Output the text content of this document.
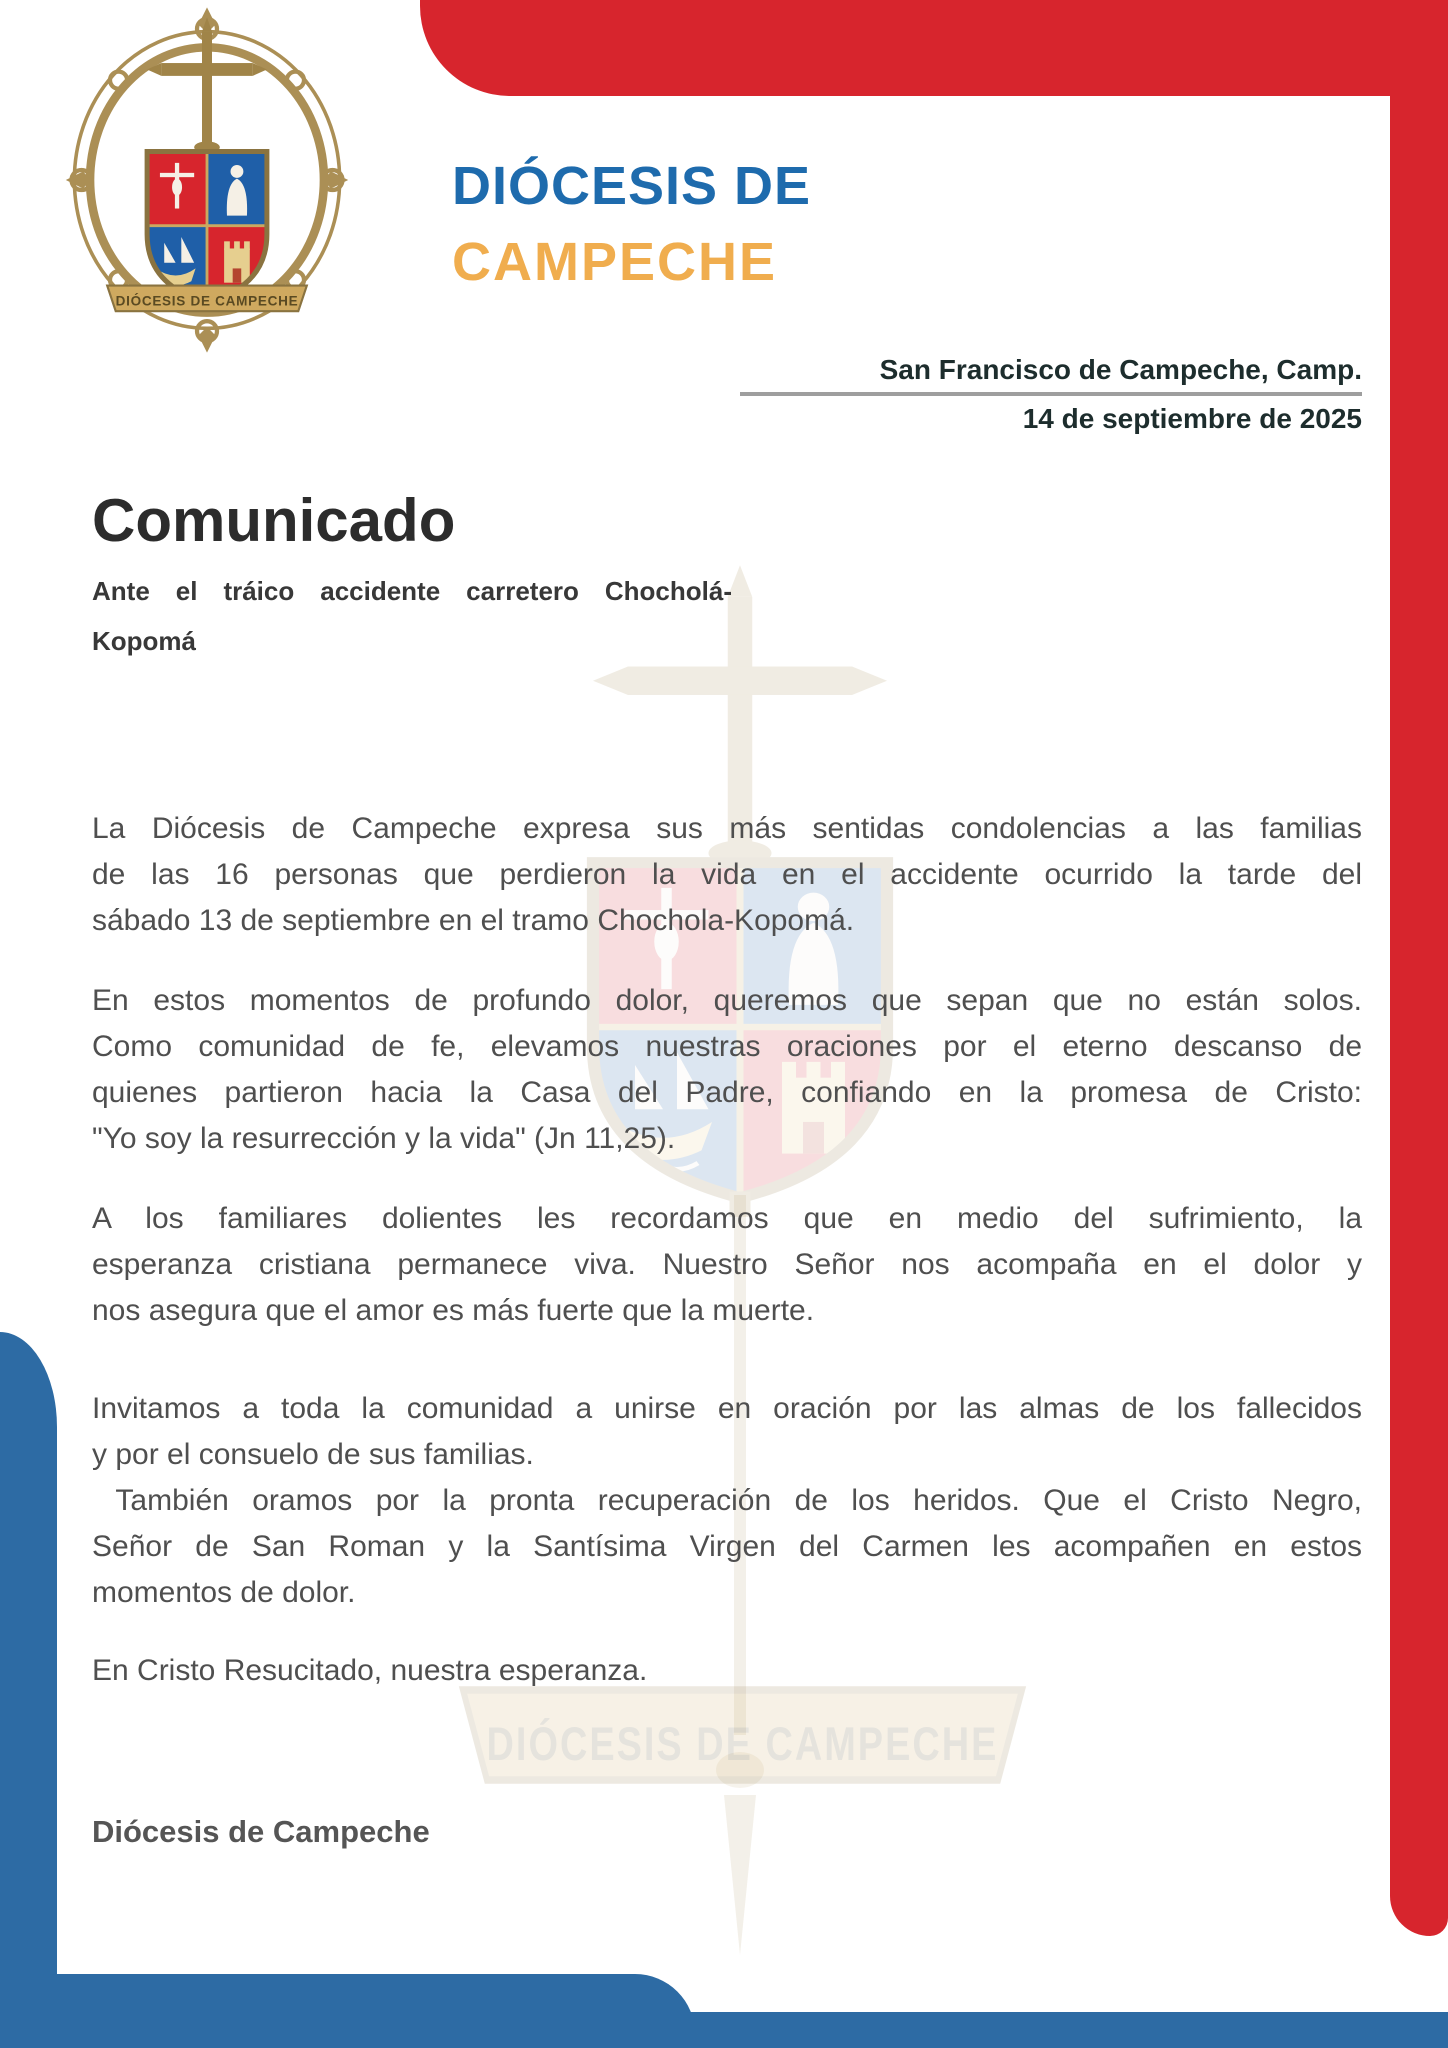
DIÓCESIS DE CAMPECHE
DIÓCESIS DE CAMPECHE
DIÓCESIS DE
CAMPECHE
San Francisco de Campeche, Camp.
14 de septiembre de 2025
Comunicado
Ante el tráico accidente carretero Chocholá-
Kopomá
La Diócesis de Campeche expresa sus más sentidas condolencias a las familias
de las 16 personas que perdieron la vida en el accidente ocurrido la tarde del
sábado 13 de septiembre en el tramo Chochola-Kopomá.
En estos momentos de profundo dolor, queremos que sepan que no están solos.
Como comunidad de fe, elevamos nuestras oraciones por el eterno descanso de
quienes partieron hacia la Casa del Padre, confiando en la promesa de Cristo:
"Yo soy la resurrección y la vida" (Jn 11,25).
A los familiares dolientes les recordamos que en medio del sufrimiento, la
esperanza cristiana permanece viva. Nuestro Señor nos acompaña en el dolor y
nos asegura que el amor es más fuerte que la muerte.
Invitamos a toda la comunidad a unirse en oración por las almas de los fallecidos
y por el consuelo de sus familias.
También oramos por la pronta recuperación de los heridos. Que el Cristo Negro,
Señor de San Roman y la Santísima Virgen del Carmen les acompañen en estos
momentos de dolor.
En Cristo Resucitado, nuestra esperanza.
Diócesis de Campeche
